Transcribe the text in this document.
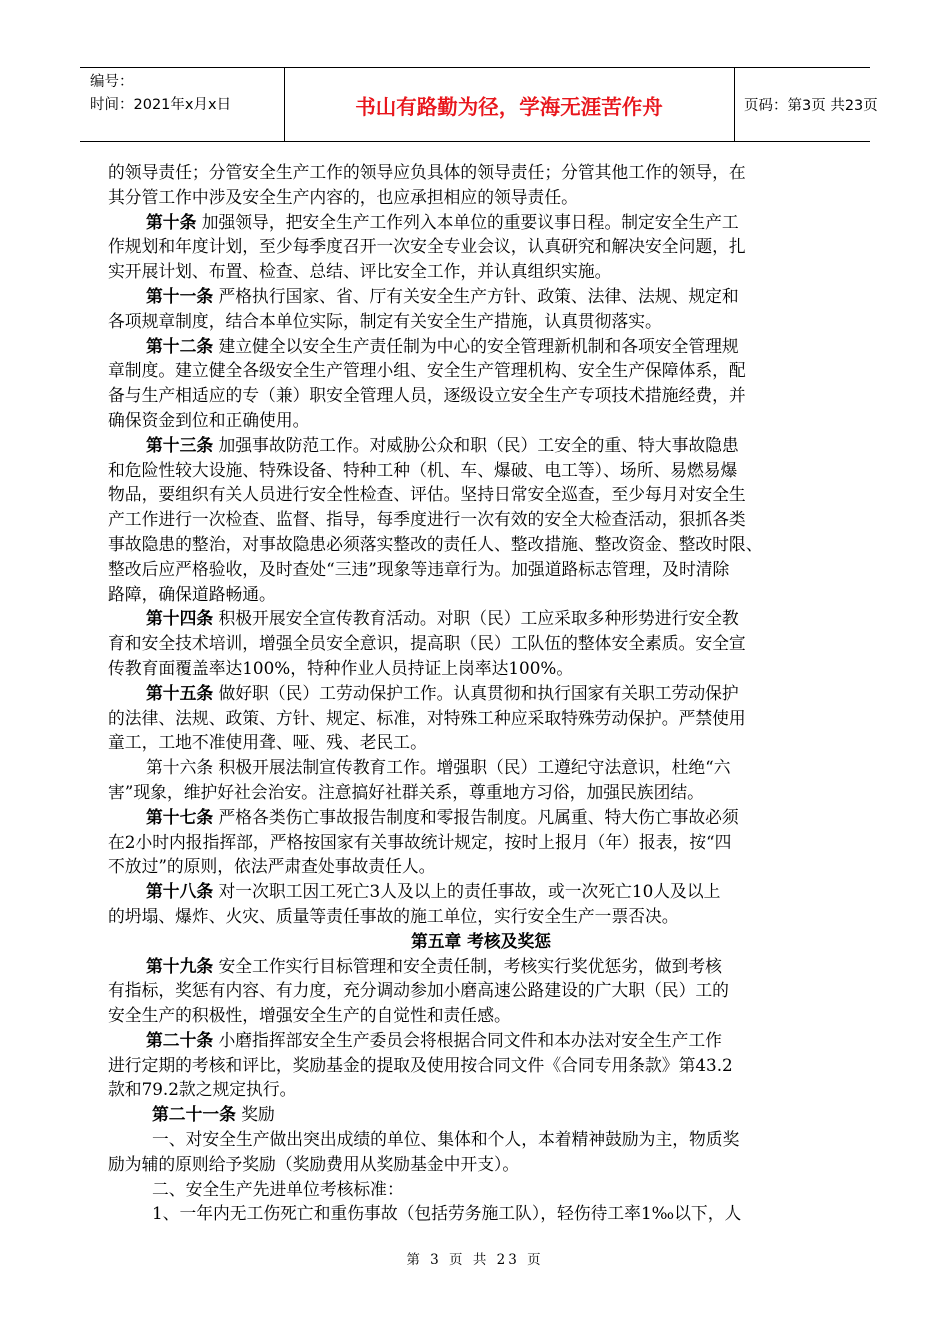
编号：
时间：2021年x月x日	书山有路勤为径，学海无涯苦作舟	页码：第3页 共23页
的领导责任；分管安全生产工作的领导应负具体的领导责任；分管其他工作的领导，在
其分管工作中涉及安全生产内容的，也应承担相应的领导责任。
第十条 加强领导，把安全生产工作列入本单位的重要议事日程。制定安全生产工
作规划和年度计划，至少每季度召开一次安全专业会议，认真研究和解决安全问题，扎
实开展计划、布置、检查、总结、评比安全工作，并认真组织实施。
第十一条 严格执行国家、省、厅有关安全生产方针、政策、法律、法规、规定和
各项规章制度，结合本单位实际，制定有关安全生产措施，认真贯彻落实。
第十二条 建立健全以安全生产责任制为中心的安全管理新机制和各项安全管理规
章制度。建立健全各级安全生产管理小组、安全生产管理机构、安全生产保障体系，配
备与生产相适应的专（兼）职安全管理人员，逐级设立安全生产专项技术措施经费，并
确保资金到位和正确使用。
第十三条 加强事故防范工作。对威胁公众和职（民）工安全的重、特大事故隐患
和危险性较大设施、特殊设备、特种工种（机、车、爆破、电工等）、场所、易燃易爆
物品，要组织有关人员进行安全性检查、评估。坚持日常安全巡查，至少每月对安全生
产工作进行一次检查、监督、指导，每季度进行一次有效的安全大检查活动，狠抓各类
事故隐患的整治，对事故隐患必须落实整改的责任人、整改措施、整改资金、整改时限、
整改后应严格验收，及时查处“三违”现象等违章行为。加强道路标志管理，及时清除
路障，确保道路畅通。
第十四条 积极开展安全宣传教育活动。对职（民）工应采取多种形势进行安全教
育和安全技术培训，增强全员安全意识，提高职（民）工队伍的整体安全素质。安全宣
传教育面覆盖率达100%，特种作业人员持证上岗率达100%。
第十五条 做好职（民）工劳动保护工作。认真贯彻和执行国家有关职工劳动保护
的法律、法规、政策、方针、规定、标准，对特殊工种应采取特殊劳动保护。严禁使用
童工，工地不准使用聋、哑、残、老民工。
第十六条 积极开展法制宣传教育工作。增强职（民）工遵纪守法意识，杜绝“六
害”现象，维护好社会治安。注意搞好社群关系，尊重地方习俗，加强民族团结。
第十七条 严格各类伤亡事故报告制度和零报告制度。凡属重、特大伤亡事故必须
在2小时内报指挥部，严格按国家有关事故统计规定，按时上报月（年）报表，按“四
不放过”的原则，依法严肃查处事故责任人。
第十八条 对一次职工因工死亡3人及以上的责任事故，或一次死亡10人及以上
的坍塌、爆炸、火灾、质量等责任事故的施工单位，实行安全生产一票否决。
第五章 考核及奖惩
第十九条 安全工作实行目标管理和安全责任制，考核实行奖优惩劣，做到考核
有指标，奖惩有内容、有力度，充分调动参加小磨高速公路建设的广大职（民）工的
安全生产的积极性，增强安全生产的自觉性和责任感。
第二十条 小磨指挥部安全生产委员会将根据合同文件和本办法对安全生产工作
进行定期的考核和评比，奖励基金的提取及使用按合同文件《合同专用条款》第43.2
款和79.2款之规定执行。
第二十一条 奖励
一、对安全生产做出突出成绩的单位、集体和个人，本着精神鼓励为主，物质奖
励为辅的原则给予奖励（奖励费用从奖励基金中开支）。
二、安全生产先进单位考核标准：
1、一年内无工伤死亡和重伤事故（包括劳务施工队），轻伤待工率1‰以下，人
第 3 页 共 23 页
